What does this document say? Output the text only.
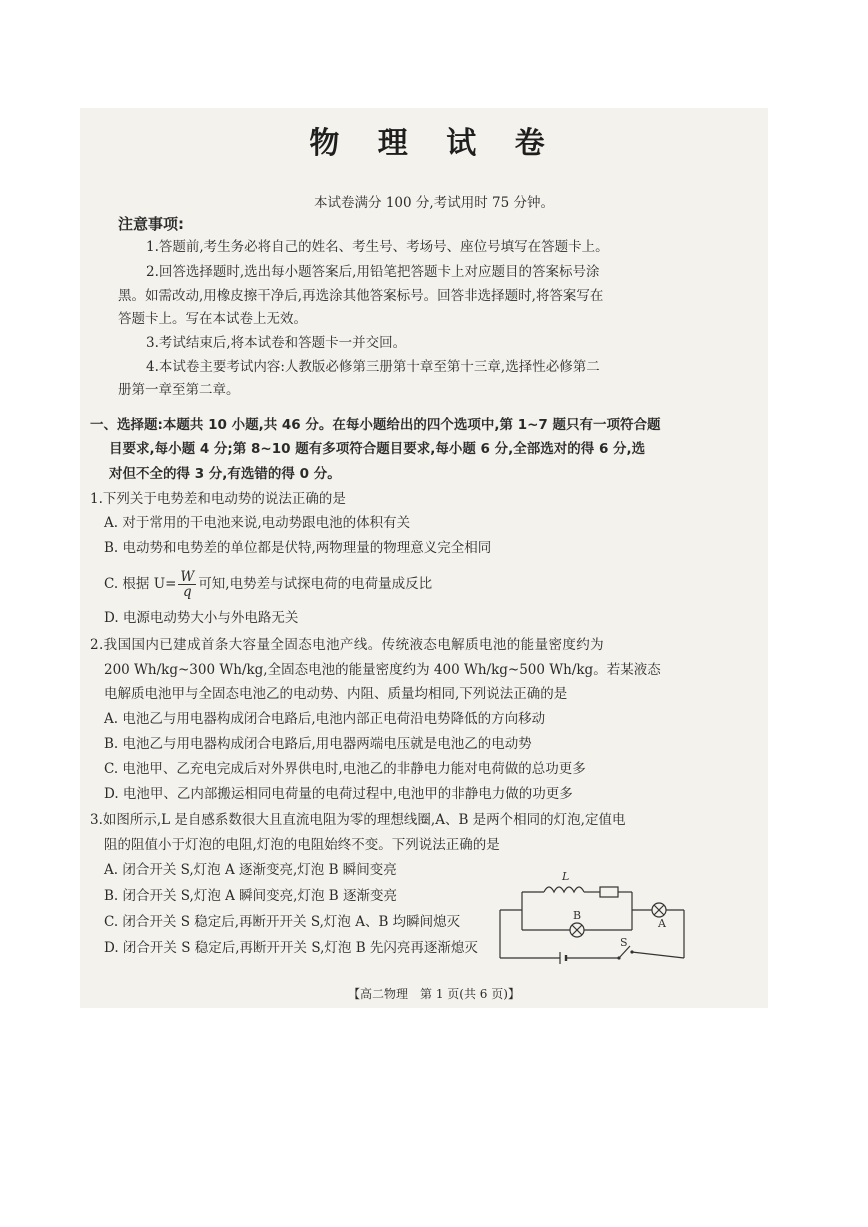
物 理 试 卷
本试卷满分 100 分,考试用时 75 分钟。
注意事项:
1.答题前,考生务必将自己的姓名、考生号、考场号、座位号填写在答题卡上。
2.回答选择题时,选出每小题答案后,用铅笔把答题卡上对应题目的答案标号涂
黑。如需改动,用橡皮擦干净后,再选涂其他答案标号。回答非选择题时,将答案写在
答题卡上。写在本试卷上无效。
3.考试结束后,将本试卷和答题卡一并交回。
4.本试卷主要考试内容:人教版必修第三册第十章至第十三章,选择性必修第二
册第一章至第二章。
一、选择题:本题共 10 小题,共 46 分。在每小题给出的四个选项中,第 1~7 题只有一项符合题
目要求,每小题 4 分;第 8~10 题有多项符合题目要求,每小题 6 分,全部选对的得 6 分,选
对但不全的得 3 分,有选错的得 0 分。
1.下列关于电势差和电动势的说法正确的是
A. 对于常用的干电池来说,电动势跟电池的体积有关
B. 电动势和电势差的单位都是伏特,两物理量的物理意义完全相同
C. 根据 $U= \frac{W}{q}$ 可知,电势差与试探电荷的电荷量成反比
D. 电源电动势大小与外电路无关
2.我国国内已建成首条大容量全固态电池产线。传统液态电解质电池的能量密度约为
200 Wh/kg~300 Wh/kg,全固态电池的能量密度约为 400 Wh/kg~500 Wh/kg。若某液态
电解质电池甲与全固态电池乙的电动势、内阻、质量均相同,下列说法正确的是
A. 电池乙与用电器构成闭合电路后,电池内部正电荷沿电势降低的方向移动
B. 电池乙与用电器构成闭合电路后,用电器两端电压就是电池乙的电动势
C. 电池甲、乙充电完成后对外界供电时,电池乙的非静电力能对电荷做的总功更多
D. 电池甲、乙内部搬运相同电荷量的电荷过程中,电池甲的非静电力做的功更多
3.如图所示,L 是自感系数很大且直流电阻为零的理想线圈,A、B 是两个相同的灯泡,定值电
阻的阻值小于灯泡的电阻,灯泡的电阻始终不变。下列说法正确的是
A. 闭合开关 S,灯泡 A 逐渐变亮,灯泡 B 瞬间变亮
B. 闭合开关 S,灯泡 A 瞬间变亮,灯泡 B 逐渐变亮
C. 闭合开关 S 稳定后,再断开开关 S,灯泡 A、B 均瞬间熄灭
D. 闭合开关 S 稳定后,再断开开关 S,灯泡 B 先闪亮再逐渐熄灭
L
B
A
S
【高二物理　第 1 页(共 6 页)】
